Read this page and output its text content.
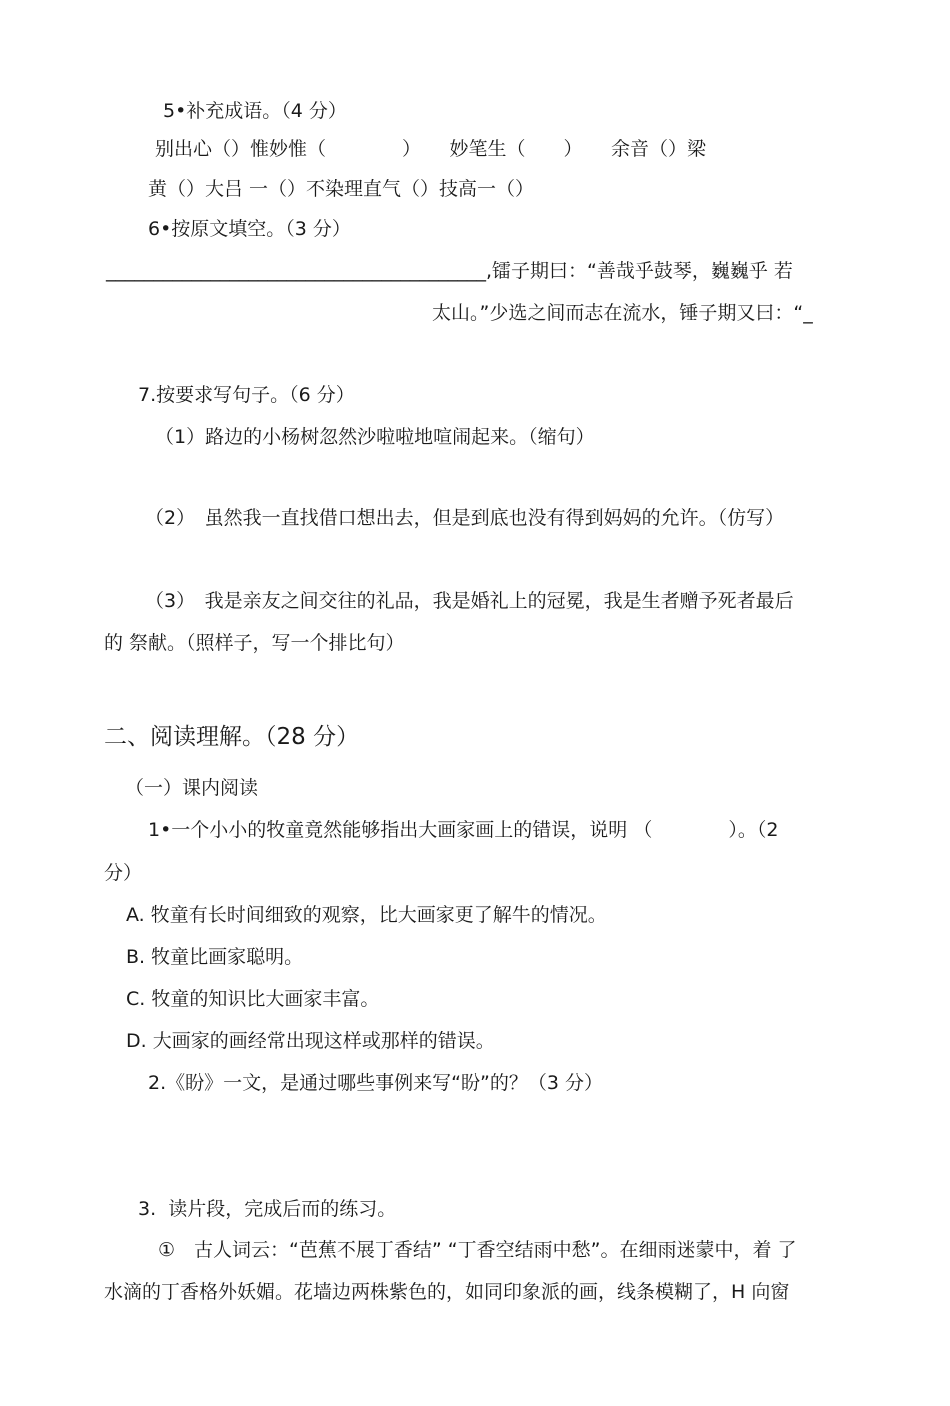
5•补充成语。（4 分）
别出心（）惟妙惟（　　　　）　　妙笔生（　　）　　余音（）梁
黄（）大吕 一（）不染理直气（）技高一（）
6•按原文填空。（3 分）
________________________________________,镭子期曰：“善哉乎鼓琴，巍巍乎 若
太山。”少选之间而志在流水，锤子期又曰：“_
7.按要求写句子。（6 分）
（1）路边的小杨树忽然沙啦啦地喧闹起来。（缩句）
（2）　虽然我一直找借口想出去，但是到底也没有得到妈妈的允许。（仿写）
（3）　我是亲友之间交往的礼品，我是婚礼上的冠冕，我是生者赠予死者最后
的 祭献。（照样子，写一个排比句）
二、阅读理解。（28 分）
（一）课内阅读
1•一个小小的牧童竟然能够指出大画家画上的错误，说明 （　　　　）。（2
分）
A. 牧童有长时间细致的观察，比大画家更了解牛的情况。
B. 牧童比画家聪明。
C. 牧童的知识比大画家丰富。
D. 大画家的画经常出现这样或那样的错误。
2.《盼》一文，是通过哪些事例来写“盼”的？（3 分）
3.  读片段，完成后而的练习。
①　古人词云：“芭蕉不展丁香结” “丁香空结雨中愁”。在细雨迷蒙中，着 了
水滴的丁香格外妖媚。花墙边两株紫色的，如同印象派的画，线条模糊了，H 向窗
